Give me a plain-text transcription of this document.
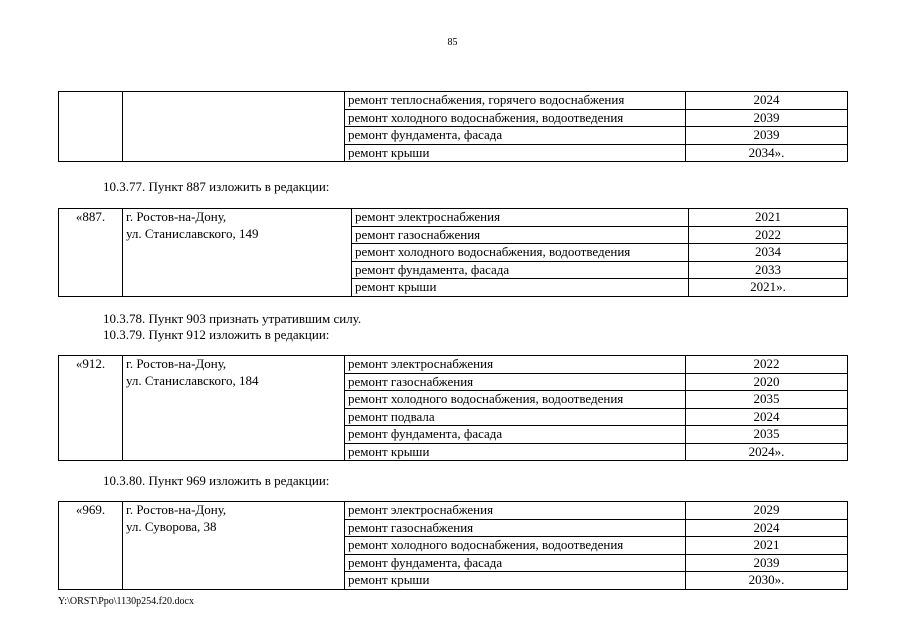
85
		ремонт теплоснабжения, горячего водоснабжения	2024
		ремонт холодного водоснабжения, водоотведения	2039
		ремонт фундамента, фасада	2039
		ремонт крыши	2034».
10.3.77. Пункт 887 изложить в редакции:
«887.	г. Ростов-на-Дону,
ул. Станиславского, 149	ремонт электроснабжения	2021
		ремонт газоснабжения	2022
		ремонт холодного водоснабжения, водоотведения	2034
		ремонт фундамента, фасада	2033
		ремонт крыши	2021».
10.3.78. Пункт 903 признать утратившим силу.
10.3.79. Пункт 912 изложить в редакции:
«912.	г. Ростов-на-Дону,
ул. Станиславского, 184	ремонт электроснабжения	2022
		ремонт газоснабжения	2020
		ремонт холодного водоснабжения, водоотведения	2035
		ремонт подвала	2024
		ремонт фундамента, фасада	2035
		ремонт крыши	2024».
10.3.80. Пункт 969 изложить в редакции:
«969.	г. Ростов-на-Дону,
ул. Суворова, 38	ремонт электроснабжения	2029
		ремонт газоснабжения	2024
		ремонт холодного водоснабжения, водоотведения	2021
		ремонт фундамента, фасада	2039
		ремонт крыши	2030».
Y:\ORST\Ppo\1130p254.f20.docx
